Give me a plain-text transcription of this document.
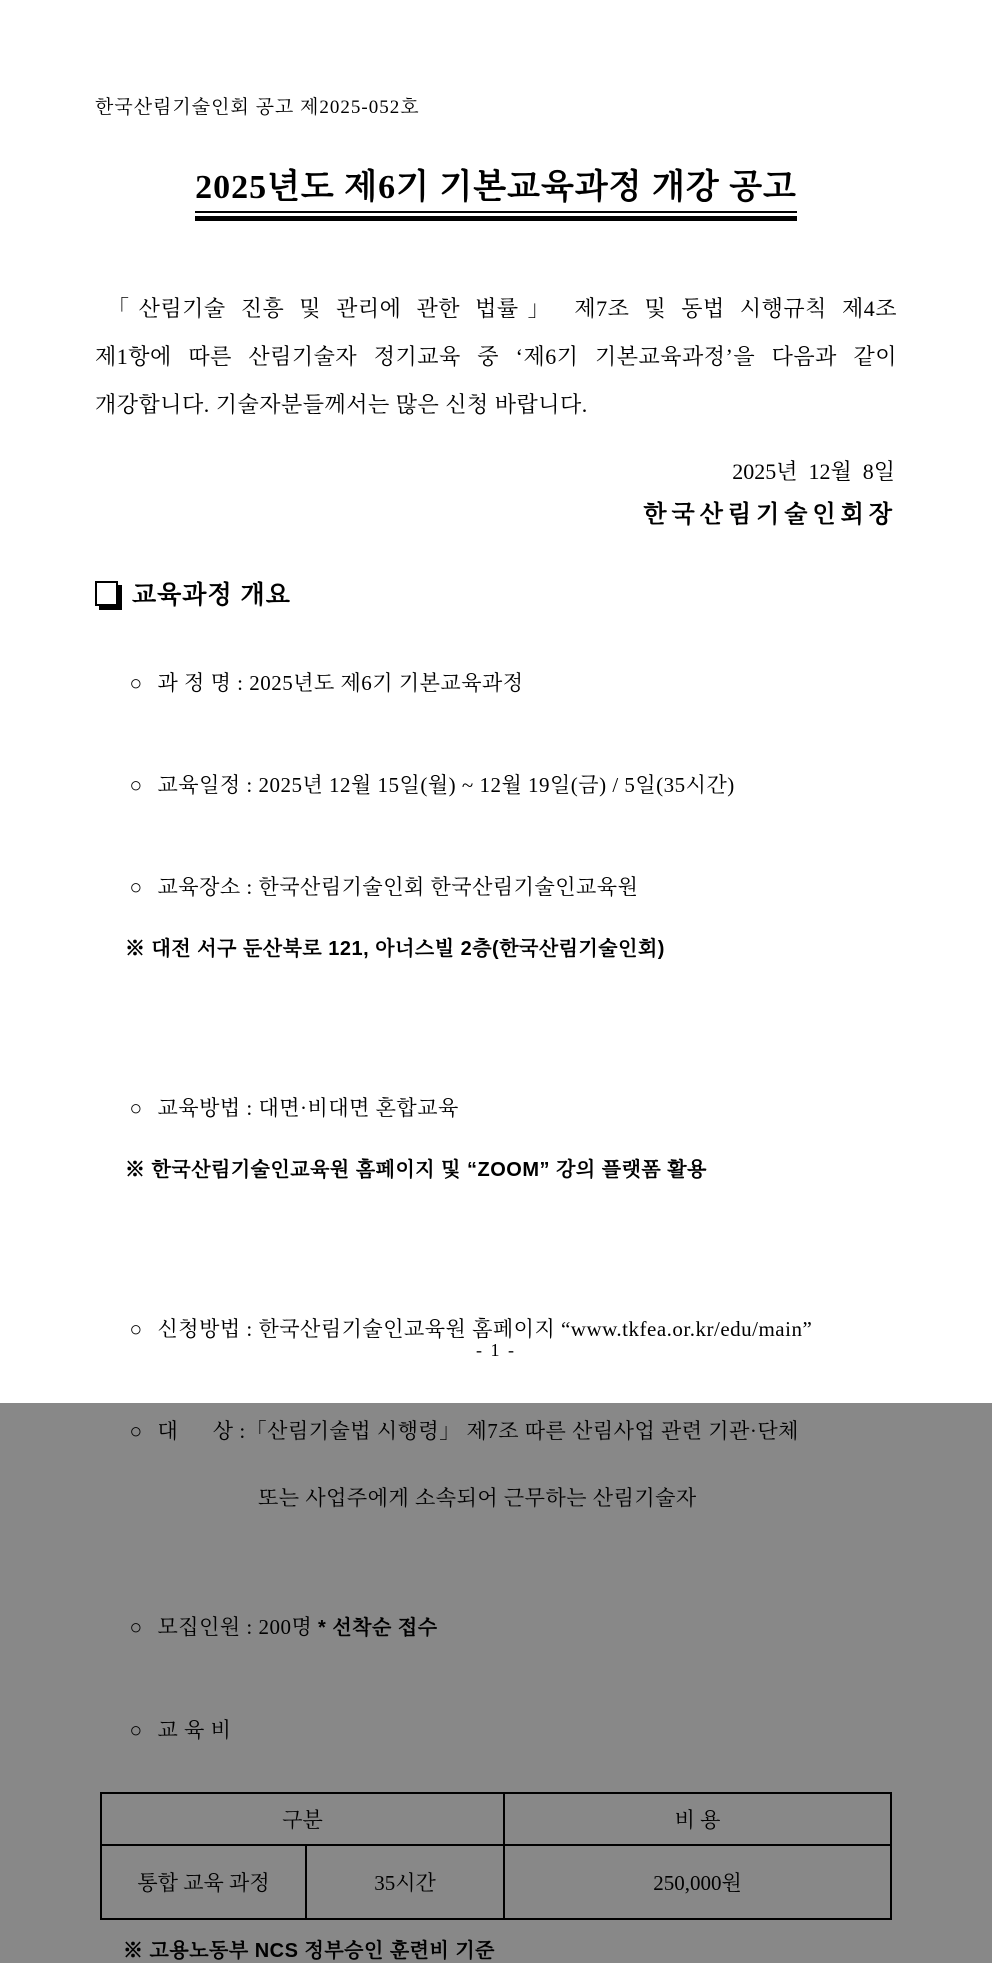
한국산림기술인회 공고 제2025-052호
2025년도 제6기 기본교육과정 개강 공고
「산림기술 진흥 및 관리에 관한 법률」 제7조 및 동법 시행규칙 제4조
제1항에 따른 산림기술자 정기교육 중 ‘제6기 기본교육과정’을 다음과 같이
개강합니다. 기술자분들께서는 많은 신청 바랍니다.
2025년  12월  8일
한국산림기술인회장
교육과정 개요

○ 과 정 명 : 2025년도 제6기 기본교육과정

○ 교육일정 : 2025년 12월 15일(월) ~ 12월 19일(금) / 5일(35시간)

○ 교육장소 : 한국산림기술인회 한국산림기술인교육원

※ 대전 서구 둔산북로 121, 아너스빌 2층(한국산림기술인회)

○ 교육방법 : 대면·비대면 혼합교육

※ 한국산림기술인교육원 홈페이지 및 “ZOOM” 강의 플랫폼 활용

○ 신청방법 : 한국산림기술인교육원 홈페이지 “www.tkfea.or.kr/edu/main”

○ 대      상 :「산림기술법 시행령」 제7조 따른 산림사업 관련 기관·단체

또는 사업주에게 소속되어 근무하는 산림기술자

○ 모집인원 : 200명 * 선착순 접수

○ 교 육 비

구분		비 용
통합 교육 과정	35시간	250,000원
※ 고용노동부 NCS 정부승인 훈련비 기준
- 1 -
